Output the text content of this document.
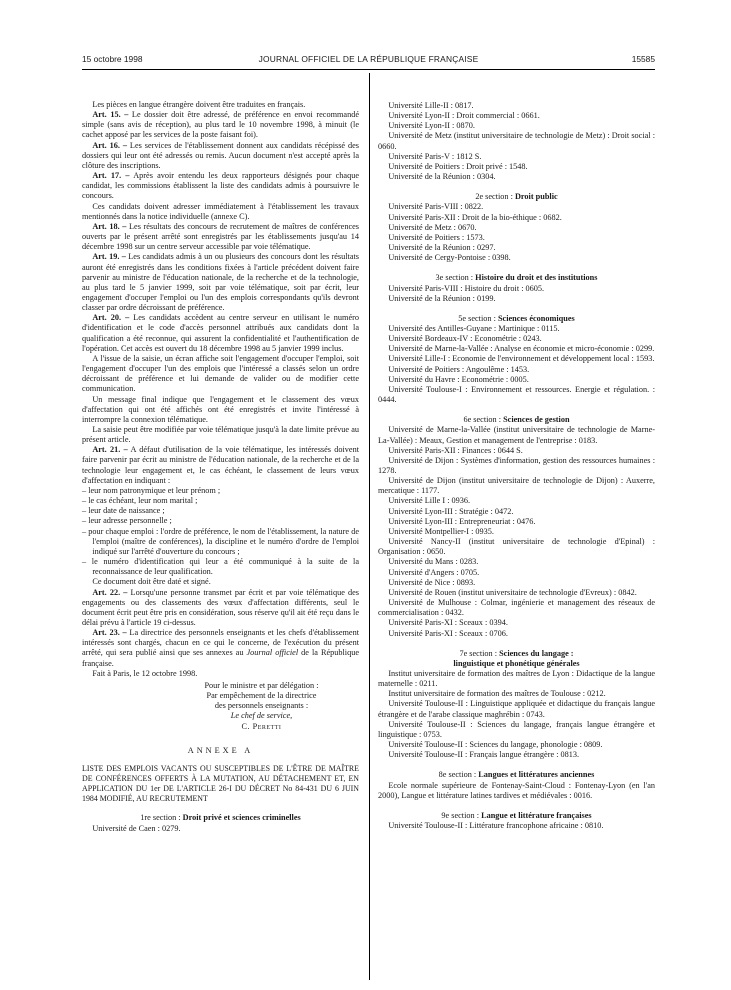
15 octobre 1998	JOURNAL OFFICIEL DE LA RÉPUBLIQUE FRANÇAISE	15585

Les pièces en langue étrangère doivent être traduites en français.

Art. 15. – Le dossier doit être adressé, de préférence en envoi recommandé simple (sans avis de réception), au plus tard le 10 novembre 1998, à minuit (le cachet apposé par les services de la poste faisant foi).

Art. 16. – Les services de l'établissement donnent aux candidats récépissé des dossiers qui leur ont été adressés ou remis. Aucun document n'est accepté après la clôture des inscriptions.

Art. 17. – Après avoir entendu les deux rapporteurs désignés pour chaque candidat, les commissions établissent la liste des candidats admis à poursuivre le concours.

Ces candidats doivent adresser immédiatement à l'établissement les travaux mentionnés dans la notice individuelle (annexe C).

Art. 18. – Les résultats des concours de recrutement de maîtres de conférences ouverts par le présent arrêté sont enregistrés par les établissements jusqu'au 14 décembre 1998 sur un centre serveur accessible par voie télématique.

Art. 19. – Les candidats admis à un ou plusieurs des concours dont les résultats auront été enregistrés dans les conditions fixées à l'article précédent doivent faire parvenir au ministre de l'éducation nationale, de la recherche et de la technologie, au plus tard le 5 janvier 1999, soit par voie télématique, soit par écrit, leur engagement d'occuper l'emploi ou l'un des emplois correspondants qu'ils devront classer par ordre décroissant de préférence.

Art. 20. – Les candidats accèdent au centre serveur en utilisant le numéro d'identification et le code d'accès personnel attribués aux candidats dont la qualification a été reconnue, qui assurent la confidentialité et l'authentification de l'opération. Cet accès est ouvert du 18 décembre 1998 au 5 janvier 1999 inclus.

A l'issue de la saisie, un écran affiche soit l'engagement d'occuper l'emploi, soit l'engagement d'occuper l'un des emplois que l'intéressé a classés selon un ordre décroissant de préférence et lui demande de valider ou de modifier cette communication.

Un message final indique que l'engagement et le classement des vœux d'affectation qui ont été affichés ont été enregistrés et invite l'intéressé à interrompre la connexion télématique.

La saisie peut être modifiée par voie télématique jusqu'à la date limite prévue au présent article.

Art. 21. – A défaut d'utilisation de la voie télématique, les intéressés doivent faire parvenir par écrit au ministre de l'éducation nationale, de la recherche et de la technologie leur engagement et, le cas échéant, le classement de leurs vœux d'affectation en indiquant :

– leur nom patronymique et leur prénom ;

– le cas échéant, leur nom marital ;

– leur date de naissance ;

– leur adresse personnelle ;

– pour chaque emploi : l'ordre de préférence, le nom de l'établissement, la nature de l'emploi (maître de conférences), la discipline et le numéro d'ordre de l'emploi indiqué sur l'arrêté d'ouverture du concours ;

– le numéro d'identification qui leur a été communiqué à la suite de la reconnaissance de leur qualification.

Ce document doit être daté et signé.

Art. 22. – Lorsqu'une personne transmet par écrit et par voie télématique des engagements ou des classements des vœux d'affectation différents, seul le document écrit peut être pris en considération, sous réserve qu'il ait été reçu dans le délai prévu à l'article 19 ci-dessus.

Art. 23. – La directrice des personnels enseignants et les chefs d'établissement intéressés sont chargés, chacun en ce qui le concerne, de l'exécution du présent arrêté, qui sera publié ainsi que ses annexes au Journal officiel de la République française.

Fait à Paris, le 12 octobre 1998.

Pour le ministre et par délégation :

Par empêchement de la directrice

des personnels enseignants :

Le chef de service,

C. Peretti

ANNEXE A

LISTE DES EMPLOIS VACANTS OU SUSCEPTIBLES DE L'ÊTRE DE MAÎTRE DE CONFÉRENCES OFFERTS À LA MUTATION, AU DÉTACHEMENT ET, EN APPLICATION DU 1er DE L'ARTICLE 26-I DU DÉCRET No 84-431 DU 6 JUIN 1984 MODIFIÉ, AU RECRUTEMENT

1re section : Droit privé et sciences criminelles

Université de Caen : 0279.

Université Lille-II : 0817.

Université Lyon-II : Droit commercial : 0661.

Université Lyon-II : 0870.

Université de Metz (institut universitaire de technologie de Metz) : Droit social : 0660.

Université Paris-V : 1812 S.

Université de Poitiers : Droit privé : 1548.

Université de la Réunion : 0304.

2e section : Droit public

Université Paris-VIII : 0822.

Université Paris-XII : Droit de la bio-éthique : 0682.

Université de Metz : 0670.

Université de Poitiers : 1573.

Université de la Réunion : 0297.

Université de Cergy-Pontoise : 0398.

3e section : Histoire du droit et des institutions

Université Paris-VIII : Histoire du droit : 0605.

Université de la Réunion : 0199.

5e section : Sciences économiques

Université des Antilles-Guyane : Martinique : 0115.

Université Bordeaux-IV : Econométrie : 0243.

Université de Marne-la-Vallée : Analyse en économie et micro-économie : 0299.

Université Lille-I : Economie de l'environnement et développement local : 1593.

Université de Poitiers : Angoulême : 1453.

Université du Havre : Econométrie : 0005.

Université Toulouse-I : Environnement et ressources. Energie et régulation. : 0444.

6e section : Sciences de gestion

Université de Marne-la-Vallée (institut universitaire de technologie de Marne-La-Vallée) : Meaux, Gestion et management de l'entreprise : 0183.

Université Paris-XII : Finances : 0644 S.

Université de Dijon : Systèmes d'information, gestion des ressources humaines : 1278.

Université de Dijon (institut universitaire de technologie de Dijon) : Auxerre, mercatique : 1177.

Université Lille I : 0936.

Université Lyon-III : Stratégie : 0472.

Université Lyon-III : Entrepreneuriat : 0476.

Université Montpellier-I : 0935.

Université Nancy-II (institut universitaire de technologie d'Epinal) : Organisation : 0650.

Université du Mans : 0283.

Université d'Angers : 0705.

Université de Nice : 0893.

Université de Rouen (institut universitaire de technologie d'Evreux) : 0842.

Université de Mulhouse : Colmar, ingénierie et management des réseaux de commercialisation : 0432.

Université Paris-XI : Sceaux : 0394.

Université Paris-XI : Sceaux : 0706.

7e section : Sciences du langage :

linguistique et phonétique générales

Institut universitaire de formation des maîtres de Lyon : Didactique de la langue maternelle : 0211.

Institut universitaire de formation des maîtres de Toulouse : 0212.

Université Toulouse-II : Linguistique appliquée et didactique du français langue étrangère et de l'arabe classique maghrébin : 0743.

Université Toulouse-II : Sciences du langage, français langue étrangère et linguistique : 0753.

Université Toulouse-II : Sciences du langage, phonologie : 0809.

Université Toulouse-II : Français langue étrangère : 0813.

8e section : Langues et littératures anciennes

Ecole normale supérieure de Fontenay-Saint-Cloud : Fontenay-Lyon (en l'an 2000), Langue et littérature latines tardives et médiévales : 0016.

9e section : Langue et littérature françaises

Université Toulouse-II : Littérature francophone africaine : 0810.
